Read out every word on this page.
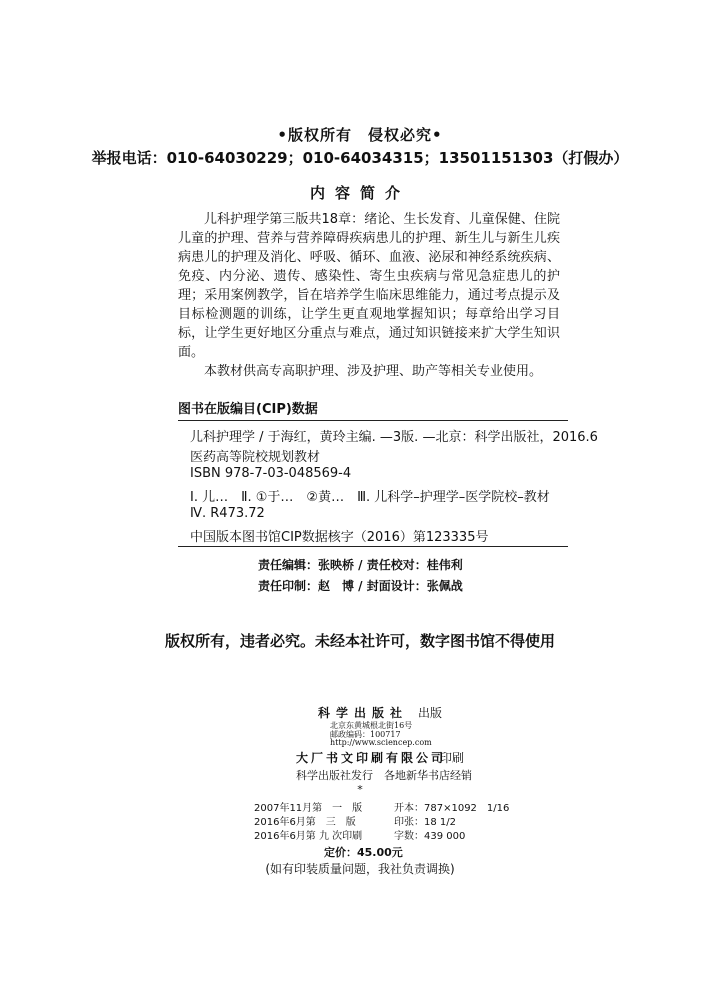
•版权所有　侵权必究•
举报电话：010-64030229；010-64034315；13501151303（打假办）
内容简介

儿科护理学第三版共18章：绪论、生长发育、儿童保健、住院儿童的护理、营养与营养障碍疾病患儿的护理、新生儿与新生儿疾病患儿的护理及消化、呼吸、循环、血液、泌尿和神经系统疾病、免疫、内分泌、遗传、感染性、寄生虫疾病与常见急症患儿的护理；采用案例教学，旨在培养学生临床思维能力，通过考点提示及目标检测题的训练，让学生更直观地掌握知识；每章给出学习目标，让学生更好地区分重点与难点，通过知识链接来扩大学生知识面。

本教材供高专高职护理、涉及护理、助产等相关专业使用。

图书在版编目(CIP)数据
儿科护理学 / 于海红，黄玲主编. —3版. —北京：科学出版社，2016.6
医药高等院校规划教材
ISBN 978-7-03-048569-4
Ⅰ. 儿…　Ⅱ. ①于…　②黄…　Ⅲ. 儿科学–护理学–医学院校–教材
Ⅳ. R473.72
中国版本图书馆CIP数据核字（2016）第123335号
责任编辑：张映桥 / 责任校对：桂伟利
责任印制：赵　博 / 封面设计：张佩战
版权所有，违者必究。未经本社许可，数字图书馆不得使用
科学出版社 出版
北京东黄城根北街16号
邮政编码：100717
http://www.sciencep.com
大厂书文印刷有限公司
印刷
科学出版社发行　各地新华书店经销
*
2007年11月第　一　版	开本：787×1092　1/16
2016年6月第　三　版	印张：18 1/2
2016年6月第 九 次印刷	字数：439 000
定价：45.00元
(如有印装质量问题，我社负责调换)
